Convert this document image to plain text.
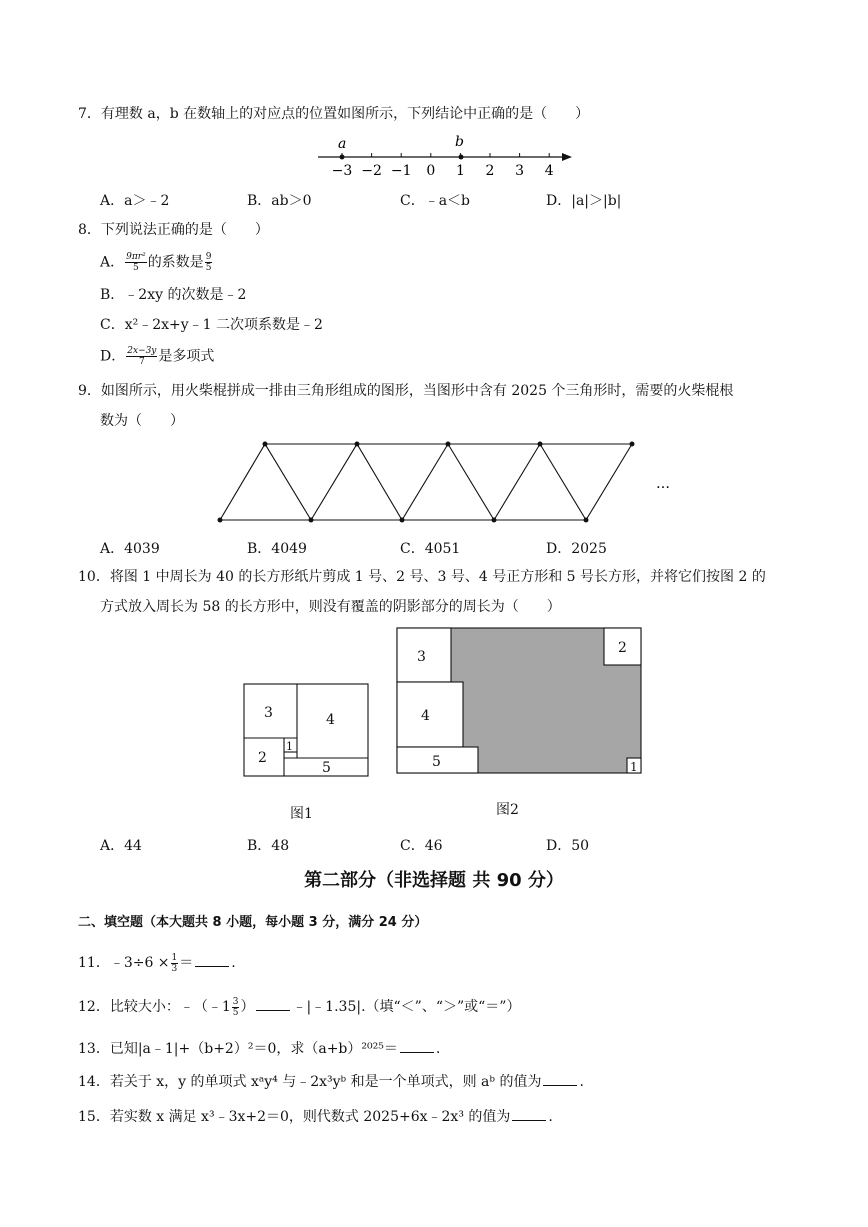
7．有理数 a，b 在数轴上的对应点的位置如图所示，下列结论中正确的是（　　）
−3 −2 −1 0 1 2 3 4
a	b
A．a＞﹣2	B．ab＞0	C．﹣a＜b	D．|a|＞|b|
8．下列说法正确的是（　　）
A． $\frac{\text{9πr²}}{5}$ 的系数是 $\frac{9}{5}$
B．﹣2xy 的次数是﹣2
C．x²﹣2x+y﹣1 二次项系数是﹣2
D． $\frac{2x-3y}{7}$ 是多项式
9．如图所示，用火柴棍拼成一排由三角形组成的图形，当图形中含有 2025 个三角形时，需要的火柴棍根
数为（　　）
…
A．4039	B．4049	C．4051	D．2025
10．将图 1 中周长为 40 的长方形纸片剪成 1 号、2 号、3 号、4 号正方形和 5 号长方形，并将它们按图 2 的
方式放入周长为 58 的长方形中，则没有覆盖的阴影部分的周长为（　　）
3	4
2
1
5
图1
3
2
4
5	1
图2
A．44	B．48	C．46	D．50
第二部分（非选择题 共 90 分）
二、填空题（本大题共 8 小题，每小题 3 分，满分 24 分）
11．﹣3÷6 × $\frac{1}{3}$ ＝	.
12．比较大小：﹣（﹣1 $\frac{3}{5}$ ）	﹣|﹣1.35|.（填“＜”、“＞”或“＝”）
13．已知|a﹣1|+（b+2）²＝0，求（a+b）²⁰²⁵＝	.
14．若关于 x，y 的单项式 xᵃy⁴ 与﹣2x³yᵇ 和是一个单项式，则 aᵇ 的值为	.
15．若实数 x 满足 x³﹣3x+2＝0，则代数式 2025+6x﹣2x³ 的值为	.
